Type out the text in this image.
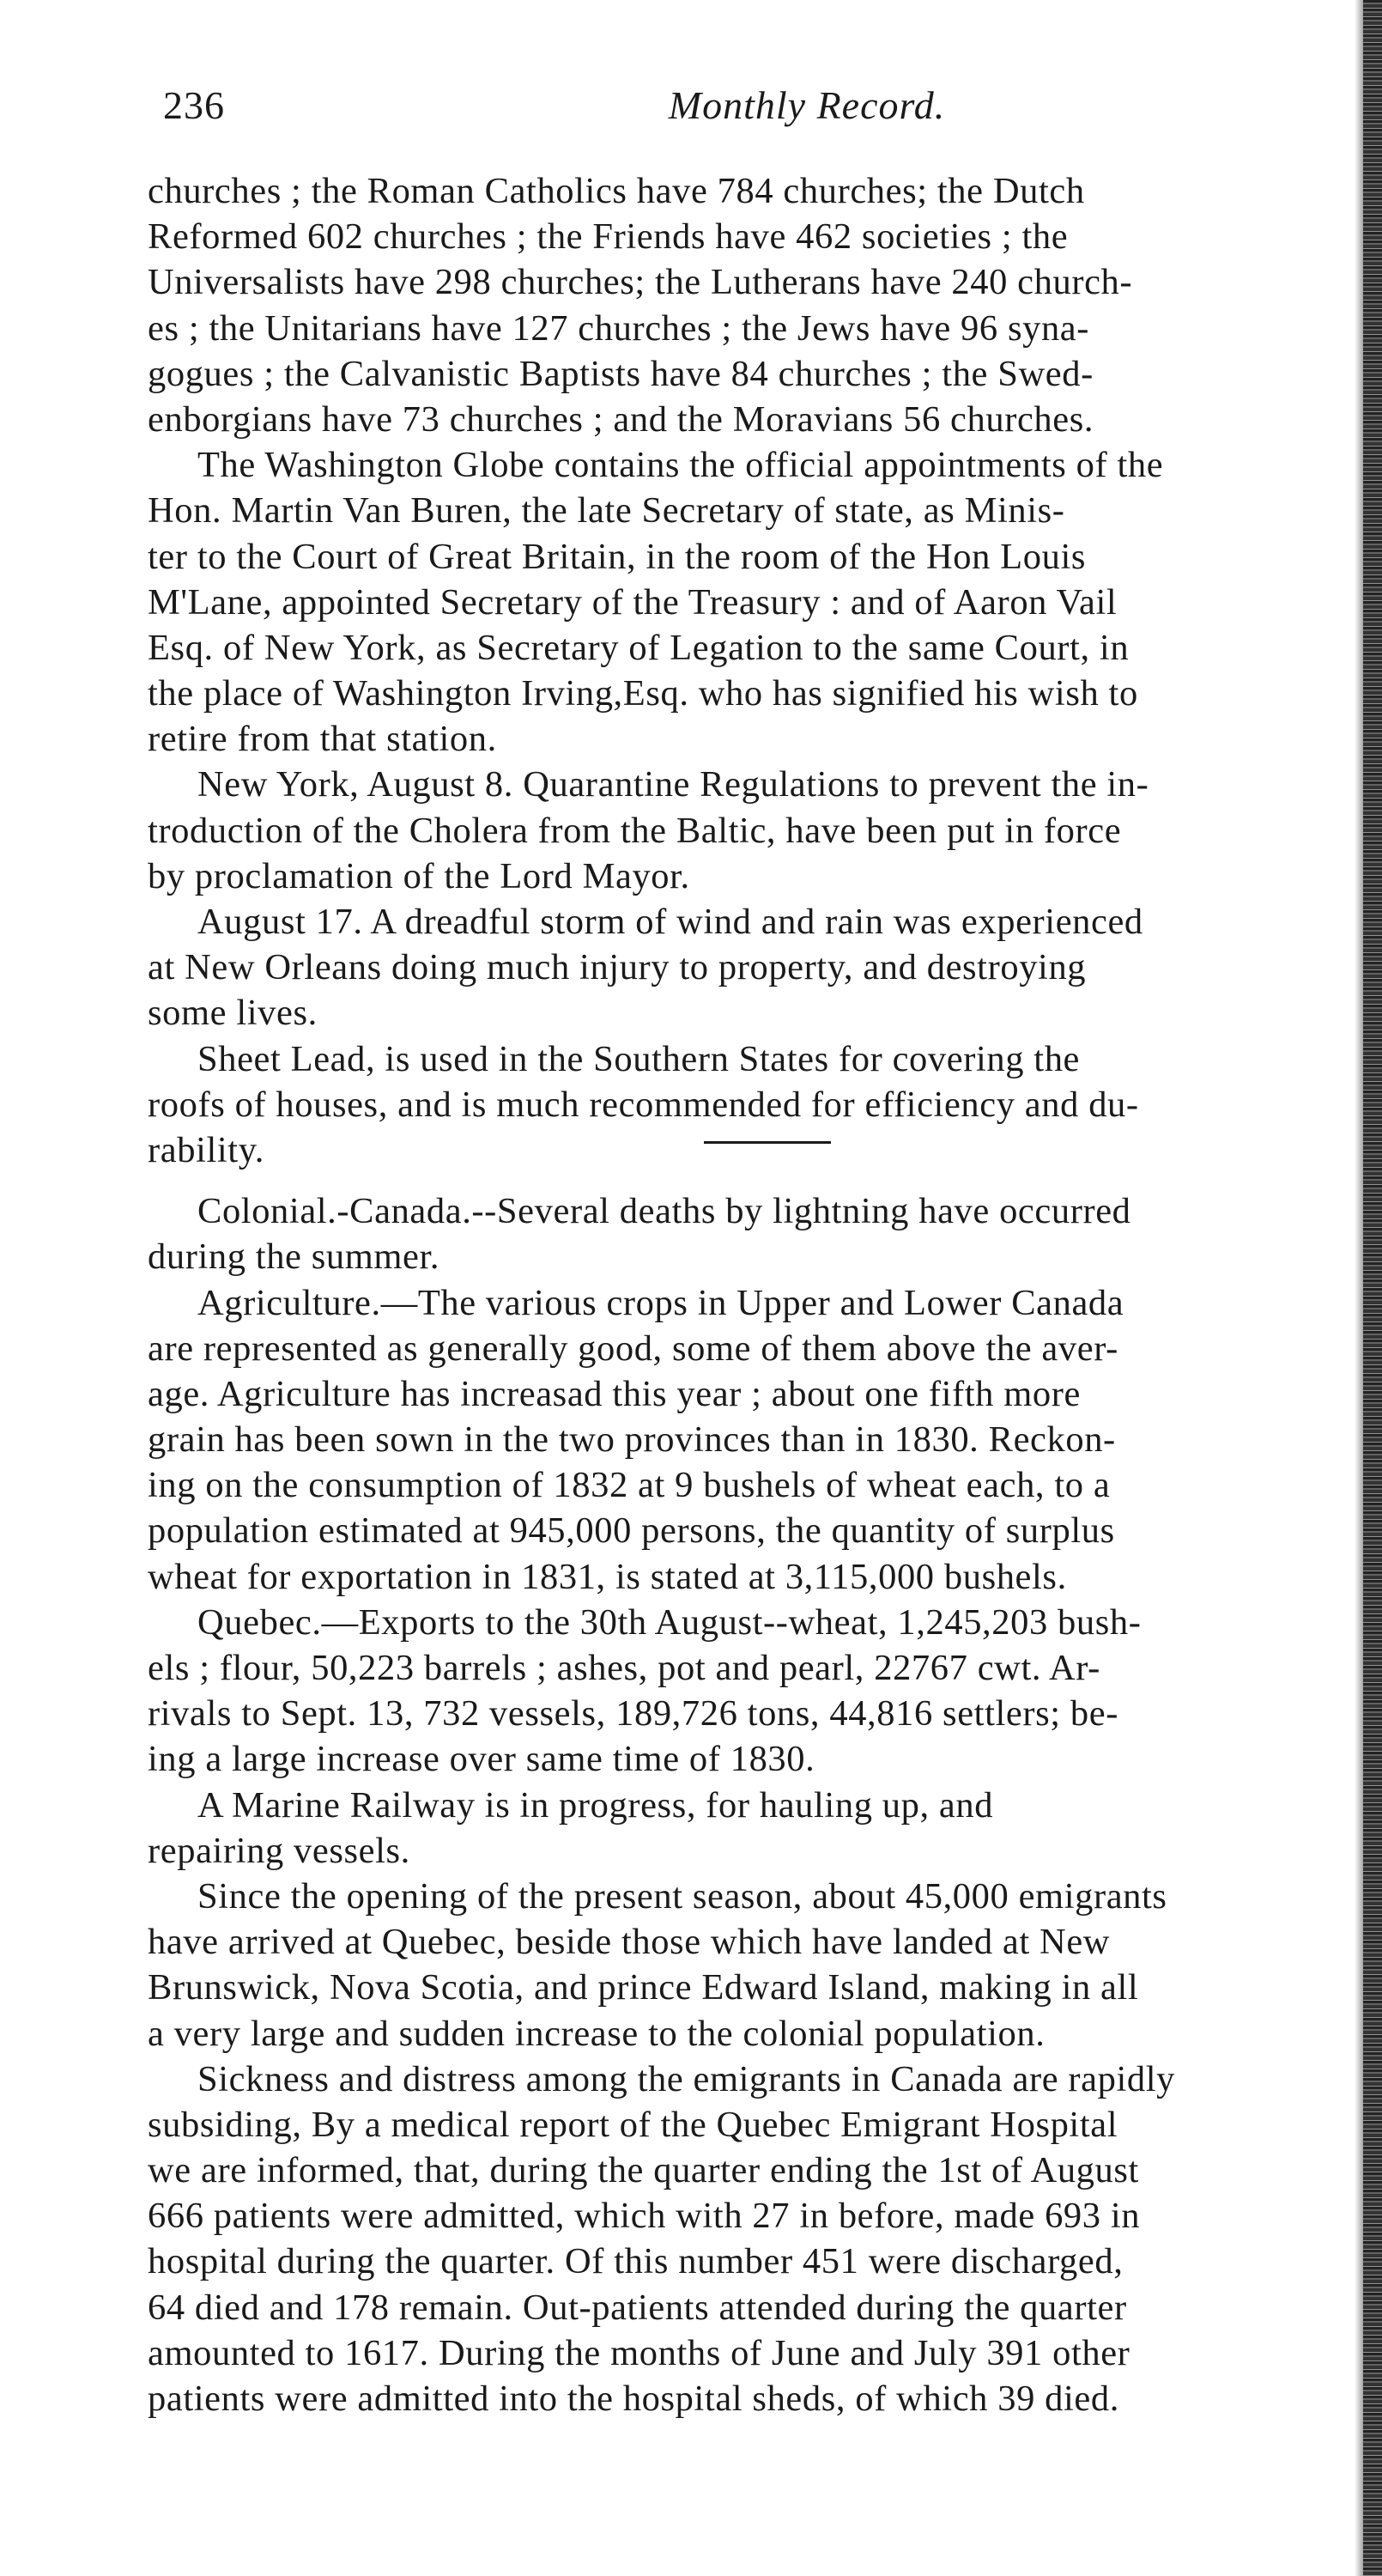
236	Monthly Record.
churches ; the Roman Catholics have 784 churches; the Dutch
Reformed 602 churches ; the Friends have 462 societies ; the
Universalists have 298 churches; the Lutherans have 240 church-
es ; the Unitarians have 127 churches ; the Jews have 96 syna-
gogues ; the Calvanistic Baptists have 84 churches ; the Swed-
enborgians have 73 churches ; and the Moravians 56 churches.
The Washington Globe contains the official appointments of the
Hon. Martin Van Buren, the late Secretary of state, as Minis-
ter to the Court of Great Britain, in the room of the Hon Louis
M'Lane, appointed Secretary of the Treasury : and of Aaron Vail
Esq. of New York, as Secretary of Legation to the same Court, in
the place of Washington Irving,Esq. who has signified his wish to
retire from that station.
New York, August 8. Quarantine Regulations to prevent the in-
troduction of the Cholera from the Baltic, have been put in force
by proclamation of the Lord Mayor.
August 17. A dreadful storm of wind and rain was experienced
at New Orleans doing much injury to property, and destroying
some lives.
Sheet Lead, is used in the Southern States for covering the
roofs of houses, and is much recommended for efficiency and du-
rability.
Colonial.-Canada.--Several deaths by lightning have occurred
during the summer.
Agriculture.—The various crops in Upper and Lower Canada
are represented as generally good, some of them above the aver-
age. Agriculture has increasad this year ; about one fifth more
grain has been sown in the two provinces than in 1830. Reckon-
ing on the consumption of 1832 at 9 bushels of wheat each, to a
population estimated at 945,000 persons, the quantity of surplus
wheat for exportation in 1831, is stated at 3,115,000 bushels.
Quebec.—Exports to the 30th August--wheat, 1,245,203 bush-
els ; flour, 50,223 barrels ; ashes, pot and pearl, 22767 cwt. Ar-
rivals to Sept. 13, 732 vessels, 189,726 tons, 44,816 settlers; be-
ing a large increase over same time of 1830.
A Marine Railway is in progress, for hauling up, and
repairing vessels.
Since the opening of the present season, about 45,000 emigrants
have arrived at Quebec, beside those which have landed at New
Brunswick, Nova Scotia, and prince Edward Island, making in all
a very large and sudden increase to the colonial population.
Sickness and distress among the emigrants in Canada are rapidly
subsiding, By a medical report of the Quebec Emigrant Hospital
we are informed, that, during the quarter ending the 1st of August
666 patients were admitted, which with 27 in before, made 693 in
hospital during the quarter. Of this number 451 were discharged,
64 died and 178 remain. Out-patients attended during the quarter
amounted to 1617. During the months of June and July 391 other
patients were admitted into the hospital sheds, of which 39 died.
